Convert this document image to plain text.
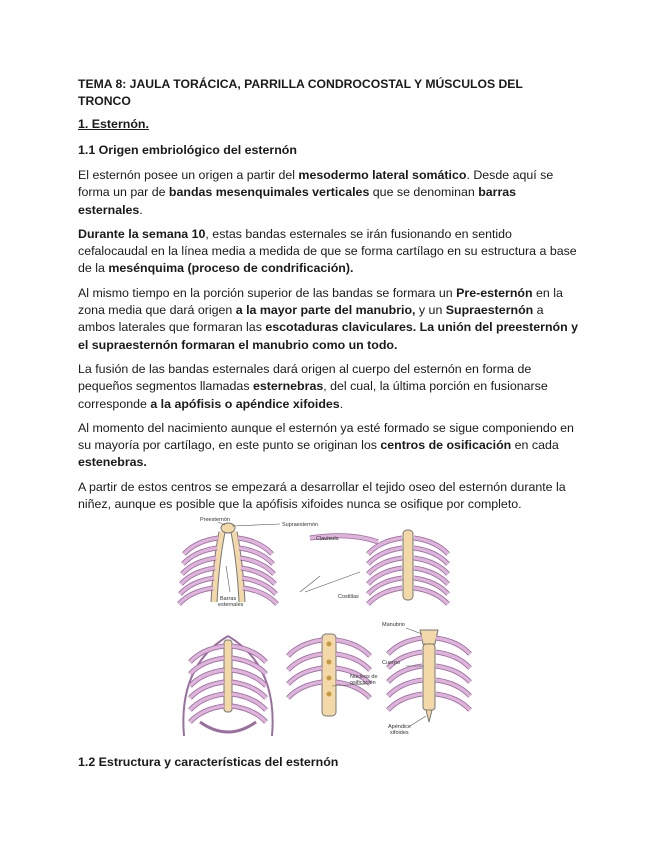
TEMA 8: JAULA TORÁCICA, PARRILLA CONDROCOSTAL Y MÚSCULOS DEL TRONCO
1. Esternón.
1.1 Origen embriológico del esternón

El esternón posee un origen a partir del mesodermo lateral somático. Desde aquí se forma un par de bandas mesenquimales verticales que se denominan barras esternales.

Durante la semana 10, estas bandas esternales se irán fusionando en sentido cefalocaudal en la línea media a medida de que se forma cartílago en su estructura a base de la mesénquima (proceso de condrificación).

Al mismo tiempo en la porción superior de las bandas se formara un Pre-esternón en la zona media que dará origen a la mayor parte del manubrio, y un Supraesternón a ambos laterales que formaran las escotaduras claviculares. La unión del preesternón y el supraesternón formaran el manubrio como un todo.

La fusión de las bandas esternales dará origen al cuerpo del esternón en forma de pequeños segmentos llamadas esternebras, del cual, la última porción en fusionarse corresponde a la apófisis o apéndice xifoides.

Al momento del nacimiento aunque el esternón ya esté formado se sigue componiendo en su mayoría por cartílago, en este punto se originan los centros de osificación en cada estenebras.

A partir de estos centros se empezará a desarrollar el tejido oseo del esternón durante la niñez, aunque es posible que la apófisis xifoides nunca se osifique por completo.

Preesternón
Supraesternón
Barras
esternales
Clavícula
Costillas
Núcleos de
osificación
Manubrio
Cuerpo
Apéndice
xifoides
1.2 Estructura y características del esternón
